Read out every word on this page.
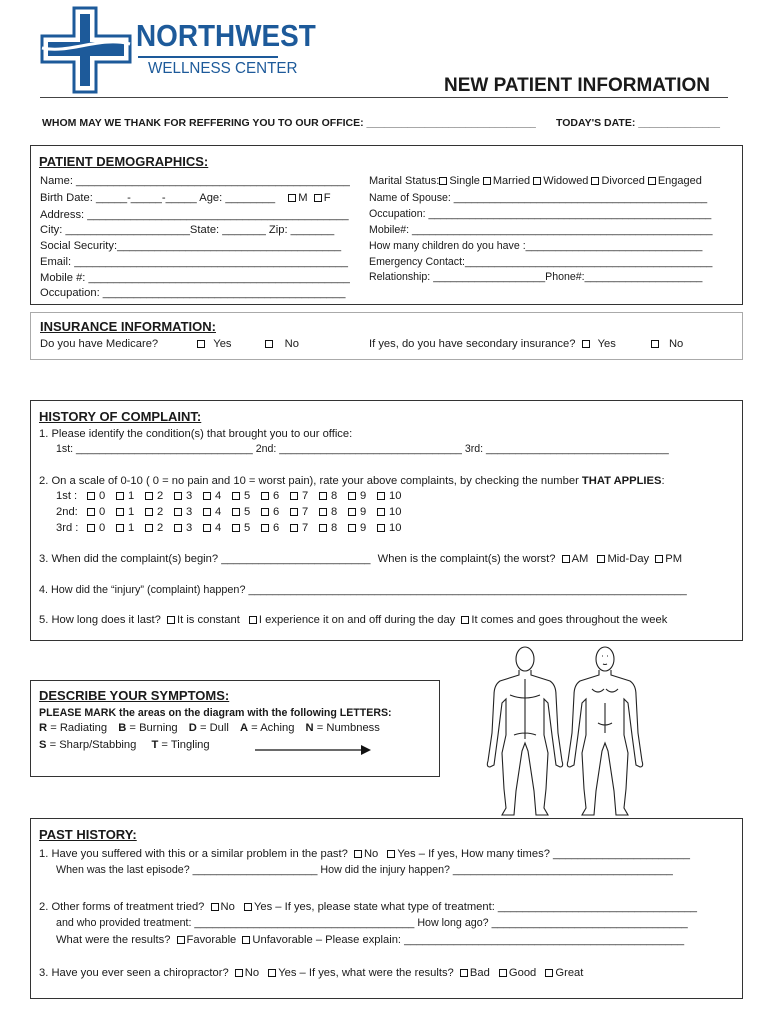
NORTHWEST
WELLNESS CENTER
NEW PATIENT INFORMATION
WHOM MAY WE THANK FOR REFFERING YOU TO OUR OFFICE: _____________________________ TODAY'S DATE: ______________
PATIENT DEMOGRAPHICS:
Name: ____________________________________________
Birth Date: _____-_____-_____ Age: ________ M F
Address: __________________________________________
City: ____________________State: _______ Zip: _______
Social Security:____________________________________
Email: ____________________________________________
Mobile #: __________________________________________
Occupation: _______________________________________
Marital Status: Single Married Widowed Divorced Engaged
Name of Spouse: ___________________________________________
Occupation: ________________________________________________
Mobile#: ___________________________________________________
How many children do you have :______________________________
Emergency Contact:__________________________________________
Relationship: ___________________Phone#:____________________
INSURANCE INFORMATION:
Do you have Medicare?	Yes	No	If yes, do you have secondary insurance? Yes	No
HISTORY OF COMPLAINT:
1. Please identify the condition(s) that brought you to our office:
1st: ______________________________ 2nd: _______________________________ 3rd: _______________________________
2. On a scale of 0-10 ( 0 = no pain and 10 = worst pain), rate your above complaints, by checking the number THAT APPLIES:
1st : 0 1 2 3 4 5 6 7 8 9 10
2nd: 0 1 2 3 4 5 6 7 8 9 10
3rd : 0 1 2 3 4 5 6 7 8 9 10
3. When did the complaint(s) begin? ________________________ When is the complaint(s) the worst? AM Mid-Day PM
4. How did the “injury” (complaint) happen? _________________________________________________________________________
5. How long does it last? It is constant I experience it on and off during the day It comes and goes throughout the week
DESCRIBE YOUR SYMPTOMS:
PLEASE MARK the areas on the diagram with the following LETTERS:
R = Radiating B = Burning D = Dull A = Aching N = Numbness
S = Sharp/Stabbing T = Tingling
PAST HISTORY:
1. Have you suffered with this or a similar problem in the past? No Yes – If yes, How many times? ______________________
When was the last episode? _____________________ How did the injury happen? _____________________________________
2. Other forms of treatment tried? No Yes – If yes, please state what type of treatment: ________________________________
and who provided treatment: _____________________________________ How long ago? _________________________________
What were the results? Favorable Unfavorable – Please explain: _____________________________________________
3. Have you ever seen a chiropractor? No Yes – If yes, what were the results? Bad Good Great
